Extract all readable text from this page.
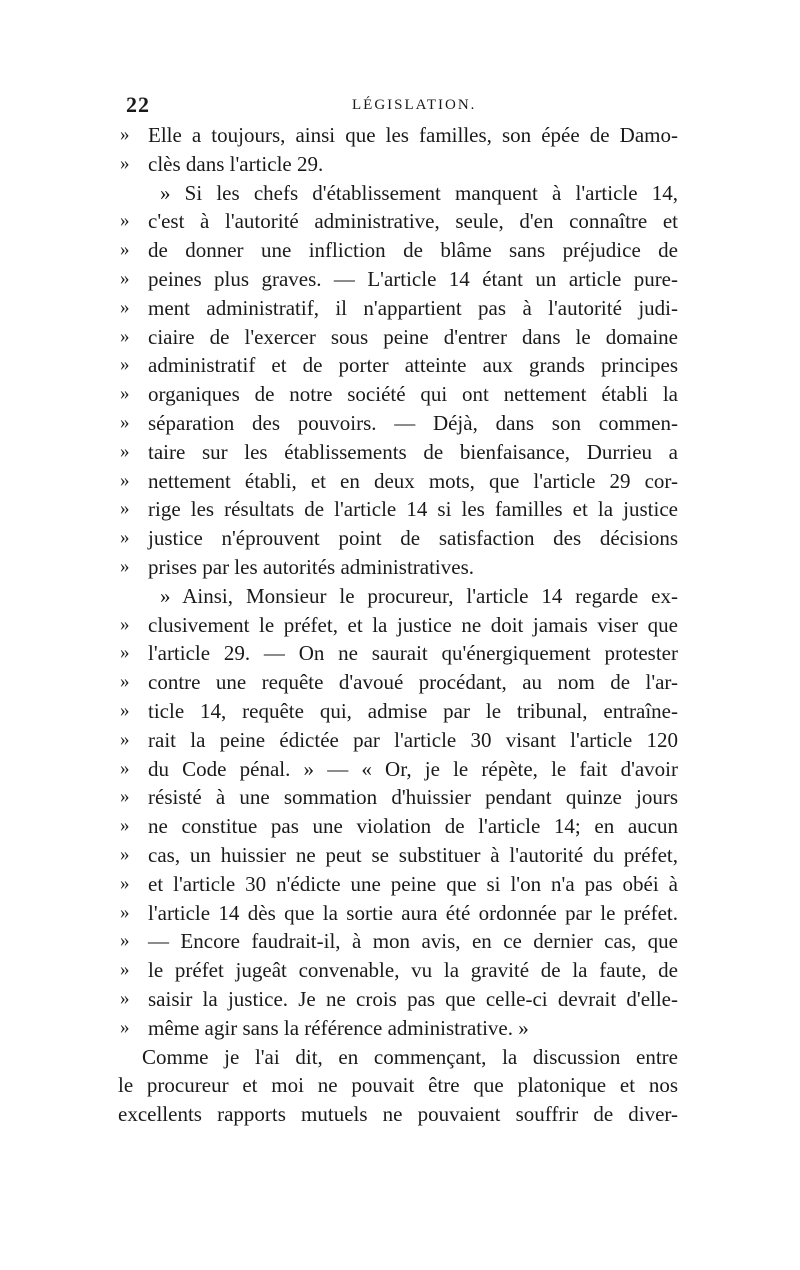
22	LÉGISLATION.
» Elle a toujours, ainsi que les familles, son épée de Damo-
» clès dans l'article 29.
» Si les chefs d'établissement manquent à l'article 14,
» c'est à l'autorité administrative, seule, d'en connaître et
» de donner une infliction de blâme sans préjudice de
» peines plus graves. — L'article 14 étant un article pure-
» ment administratif, il n'appartient pas à l'autorité judi-
» ciaire de l'exercer sous peine d'entrer dans le domaine
» administratif et de porter atteinte aux grands principes
» organiques de notre société qui ont nettement établi la
» séparation des pouvoirs. — Déjà, dans son commen-
» taire sur les établissements de bienfaisance, Durrieu a
» nettement établi, et en deux mots, que l'article 29 cor-
» rige les résultats de l'article 14 si les familles et la justice
» justice n'éprouvent point de satisfaction des décisions
» prises par les autorités administratives.
» Ainsi, Monsieur le procureur, l'article 14 regarde ex-
» clusivement le préfet, et la justice ne doit jamais viser que
» l'article 29. — On ne saurait qu'énergiquement protester
» contre une requête d'avoué procédant, au nom de l'ar-
» ticle 14, requête qui, admise par le tribunal, entraîne-
» rait la peine édictée par l'article 30 visant l'article 120
» du Code pénal. » — « Or, je le répète, le fait d'avoir
» résisté à une sommation d'huissier pendant quinze jours
» ne constitue pas une violation de l'article 14; en aucun
» cas, un huissier ne peut se substituer à l'autorité du préfet,
» et l'article 30 n'édicte une peine que si l'on n'a pas obéi à
» l'article 14 dès que la sortie aura été ordonnée par le préfet.
» — Encore faudrait-il, à mon avis, en ce dernier cas, que
» le préfet jugeât convenable, vu la gravité de la faute, de
» saisir la justice. Je ne crois pas que celle-ci devrait d'elle-
» même agir sans la référence administrative. »
Comme je l'ai dit, en commençant, la discussion entre
le procureur et moi ne pouvait être que platonique et nos
excellents rapports mutuels ne pouvaient souffrir de diver-
